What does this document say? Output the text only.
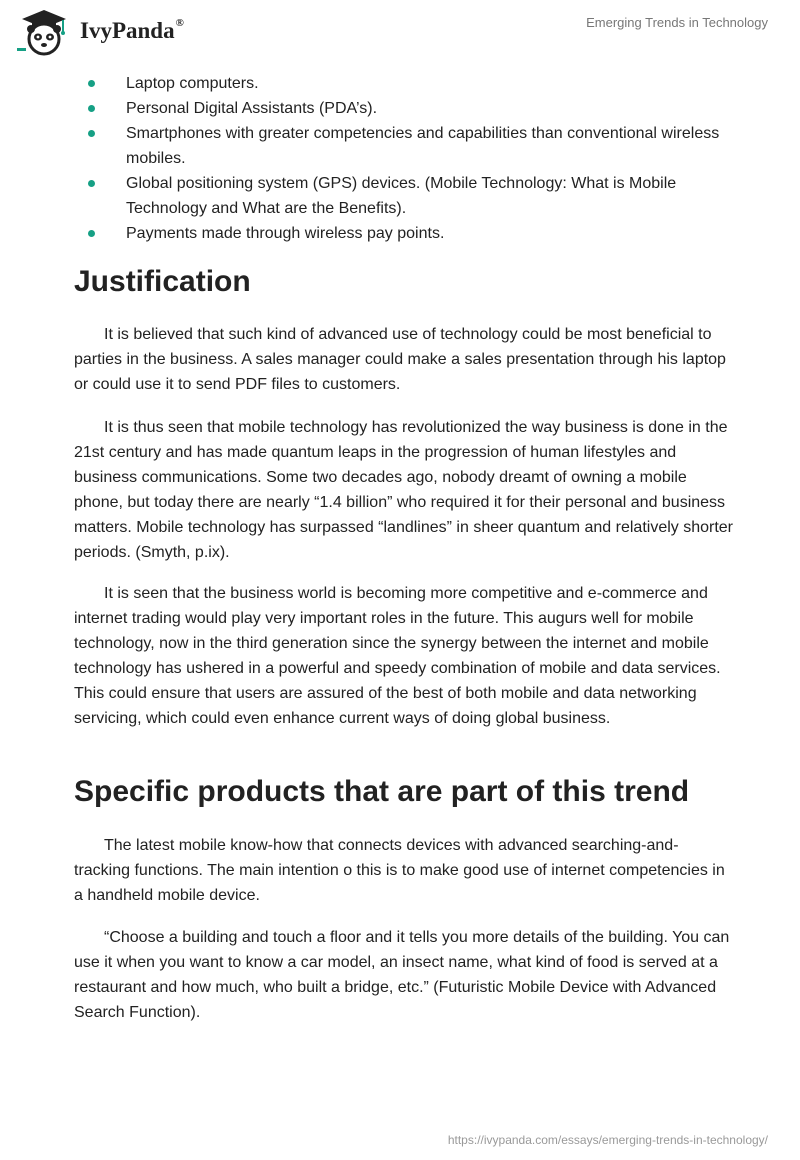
IvyPanda®	Emerging Trends in Technology
Laptop computers.
Personal Digital Assistants (PDA’s).
Smartphones with greater competencies and capabilities than conventional wireless mobiles.
Global positioning system (GPS) devices. (Mobile Technology: What is Mobile Technology and What are the Benefits).
Payments made through wireless pay points.
Justification

It is believed that such kind of advanced use of technology could be most beneficial to parties in the business. A sales manager could make a sales presentation through his laptop or could use it to send PDF files to customers.

It is thus seen that mobile technology has revolutionized the way business is done in the 21st century and has made quantum leaps in the progression of human lifestyles and business communications. Some two decades ago, nobody dreamt of owning a mobile phone, but today there are nearly “1.4 billion” who required it for their personal and business matters. Mobile technology has surpassed “landlines” in sheer quantum and relatively shorter periods. (Smyth, p.ix).

It is seen that the business world is becoming more competitive and e-commerce and internet trading would play very important roles in the future. This augurs well for mobile technology, now in the third generation since the synergy between the internet and mobile technology has ushered in a powerful and speedy combination of mobile and data services. This could ensure that users are assured of the best of both mobile and data networking servicing, which could even enhance current ways of doing global business.

Specific products that are part of this trend

The latest mobile know-how that connects devices with advanced searching-and-tracking functions. The main intention o this is to make good use of internet competencies in a handheld mobile device.

“Choose a building and touch a floor and it tells you more details of the building. You can use it when you want to know a car model, an insect name, what kind of food is served at a restaurant and how much, who built a bridge, etc.” (Futuristic Mobile Device with Advanced Search Function).

https://ivypanda.com/essays/emerging-trends-in-technology/
